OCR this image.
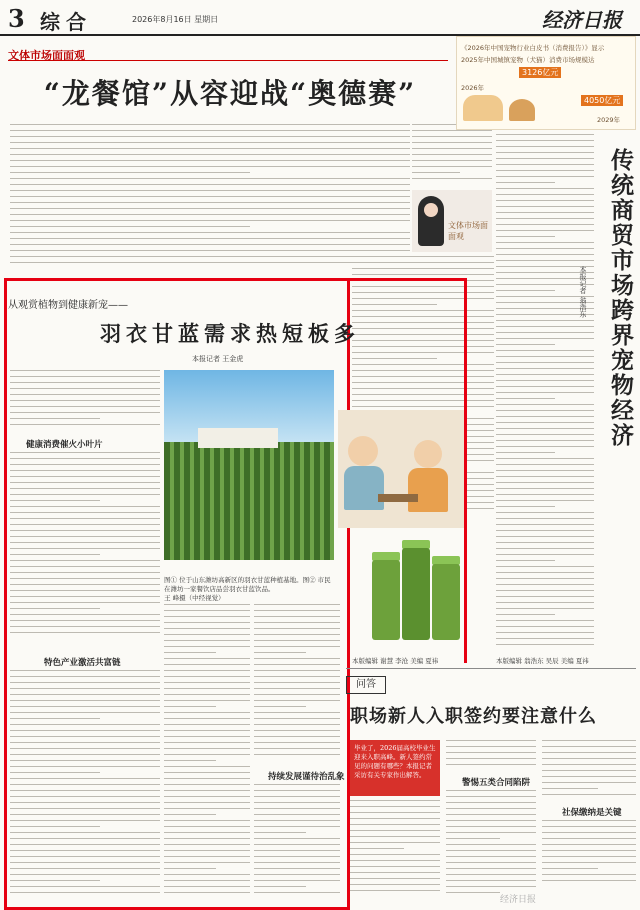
3 综合	2026年8月16日 星期日	经济日报
文体市场面面观
“龙餐馆”从容迎战“奥德赛”
文体市场面面观
《2026年中国宠物行业白皮书（消费报告）》显示
2025年中国城镇宠物（犬猫）消费市场规模达
3126亿元
2026年
4050亿元
2029年
传统商贸市场跨界宠物经济
本报记者 翁浩东
从观赏植物到健康新宠——
羽衣甘蓝需求热短板多
本报记者 王金虎
健康消费催火小叶片
特色产业激活共富链
图① 位于山东潍坊高新区的羽衣甘蓝种植基地。图② 市民在潍坊一家餐饮店品尝羽衣甘蓝饮品。
王 峰摄（中经视觉）
持续发展谨待治乱象
本版编辑 谢慧 李沧 美编 夏祎
问答
职场新人入职签约要注意什么
毕业了，2026届高校毕业生迎来入职高峰。新人签约常见的问题有哪些？本报记者采访有关专家作出解答。
警惕五类合同陷阱
社保缴纳是关键
本版编辑 翁浩东 吴辰 美编 夏祎
经济日报
